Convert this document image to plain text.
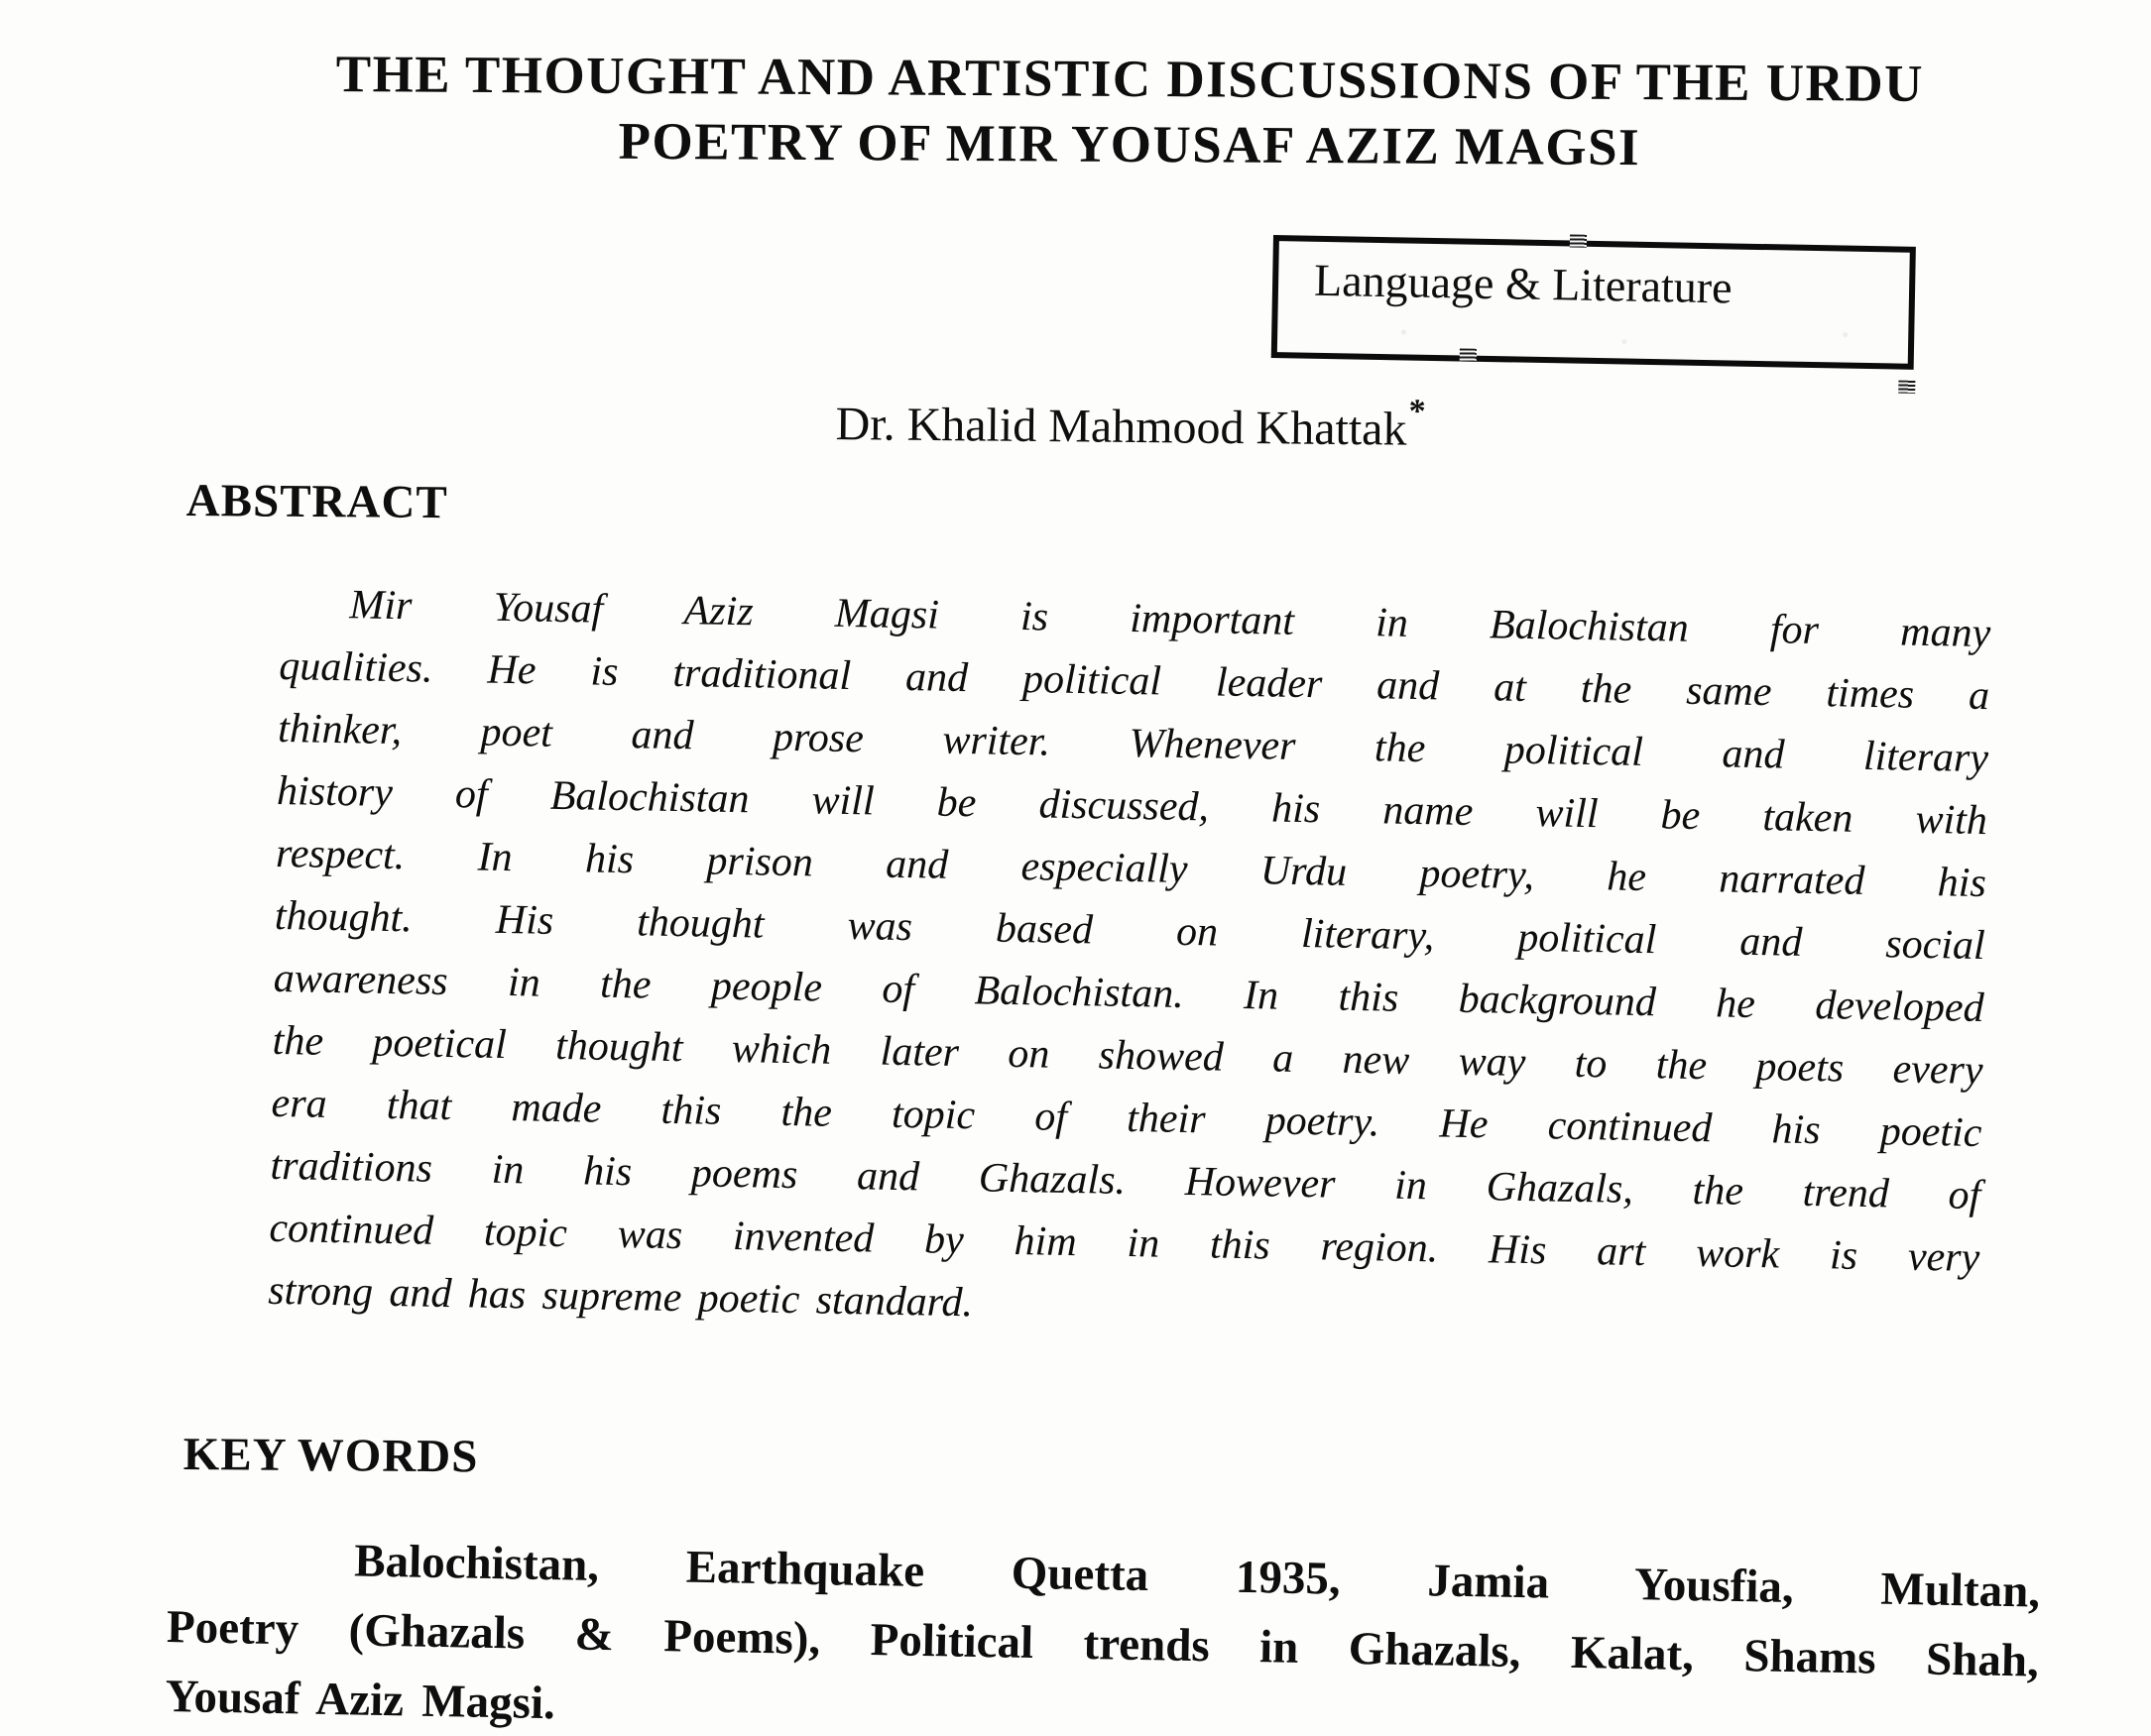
THE THOUGHT AND ARTISTIC DISCUSSIONS OF THE URDU
POETRY OF MIR YOUSAF AZIZ MAGSI
Language & Literature
Dr. Khalid Mahmood Khattak*
ABSTRACT
Mir Yousaf Aziz Magsi is important in Balochistan for many
qualities. He is traditional and political leader and at the same times a
thinker, poet and prose writer. Whenever the political and literary
history of Balochistan will be discussed, his name will be taken with
respect. In his prison and especially Urdu poetry, he narrated his
thought. His thought was based on literary, political and social
awareness in the people of Balochistan. In this background he developed
the poetical thought which later on showed a new way to the poets every
era that made this the topic of their poetry. He continued his poetic
traditions in his poems and Ghazals. However in Ghazals, the trend of
continued topic was invented by him in this region. His art work is very
strong and has supreme poetic standard.
KEY WORDS
Balochistan, Earthquake Quetta 1935, Jamia Yousfia, Multan,
Poetry (Ghazals & Poems), Political trends in Ghazals, Kalat, Shams Shah,
Yousaf Aziz Magsi.
